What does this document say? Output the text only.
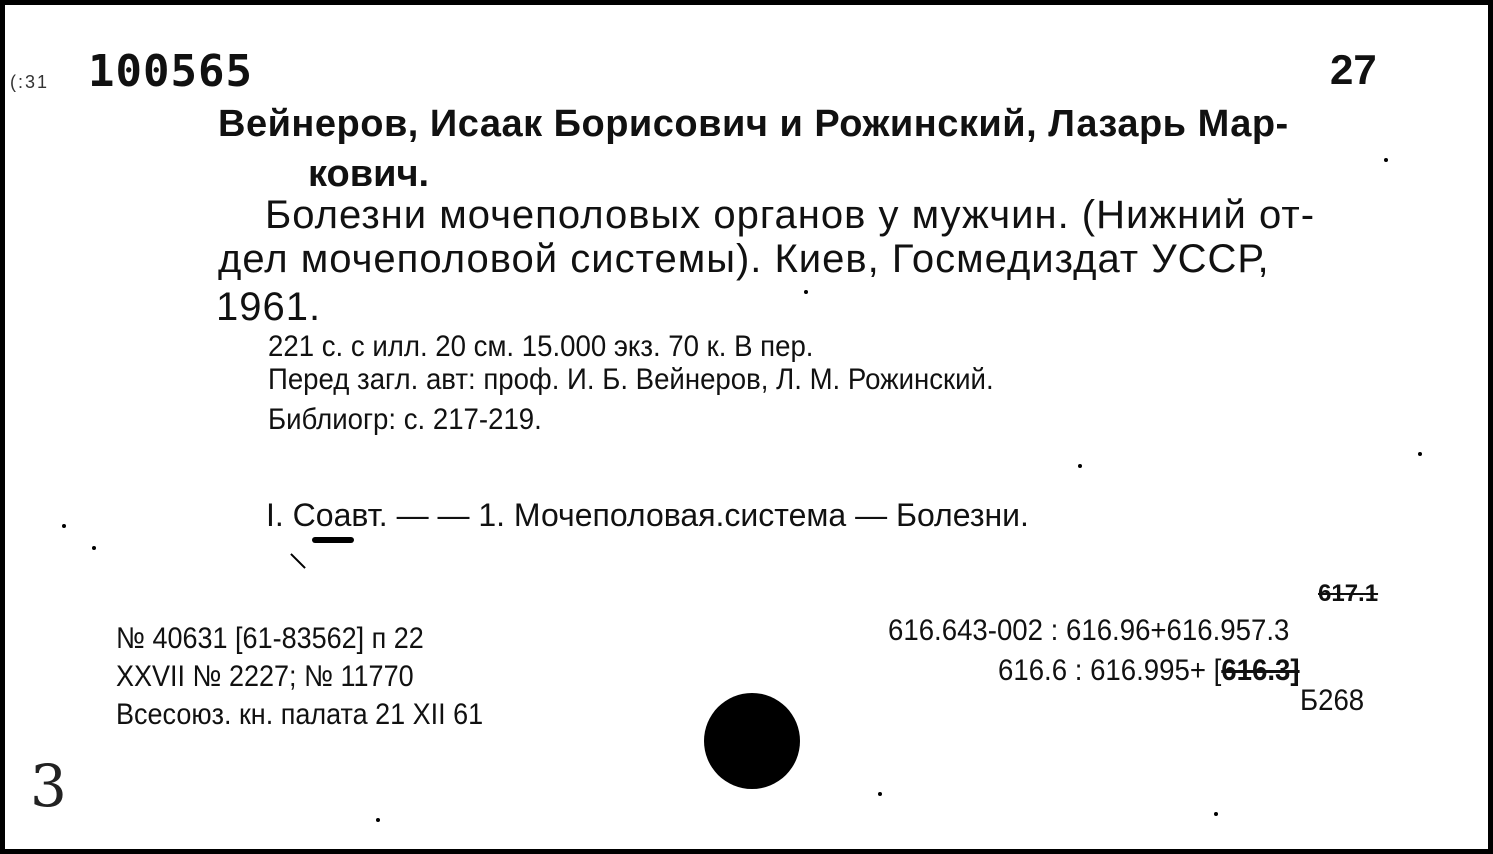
(:31 100565	27
Вейнеров, Исаак Борисович и Рожинский, Лазарь Мар-
кович.
Болезни мочеполовых органов у мужчин. (Нижний от-
дел мочеполовой системы). Киев, Госмедиздат УССР,
1961.
221 с. с илл. 20 см. 15.000 экз. 70 к. В пер.
Перед загл. авт: проф. И. Б. Вейнеров, Л. М. Рожинский.
Библиогр: с. 217-219.
I. Соавт. — — 1. Мочеполовая.система — Болезни.
№ 40631 [61-83562] п 22
XXVII № 2227; № 11770
Всесоюз. кн. палата 21 XII 61
617.1
616.643-002 : 616.96+616.957.3
616.6 : 616.995+ [616.3]
Б268
3
